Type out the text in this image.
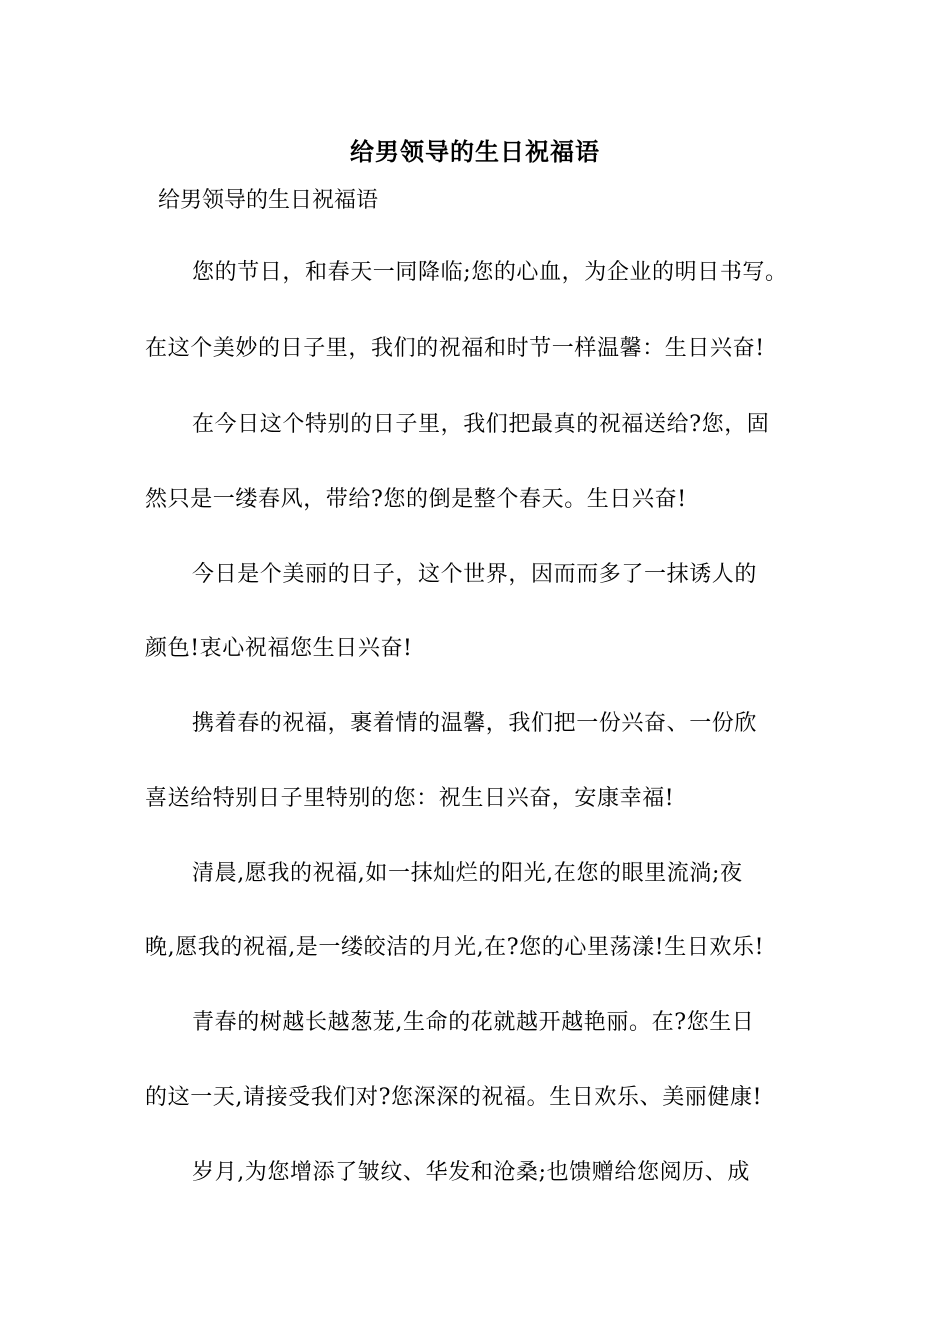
给男领导的生日祝福语
给男领导的生日祝福语
您的节日，和春天一同降临;您的心血，为企业的明日书写。
在这个美妙的日子里，我们的祝福和时节一样温馨：生日兴奋!
在今日这个特别的日子里，我们把最真的祝福送给?您，固
然只是一缕春风，带给?您的倒是整个春天。生日兴奋!
今日是个美丽的日子，这个世界，因而而多了一抹诱人的
颜色!衷心祝福您生日兴奋!
携着春的祝福，裹着情的温馨，我们把一份兴奋、一份欣
喜送给特别日子里特别的您：祝生日兴奋，安康幸福!
清晨,愿我的祝福,如一抹灿烂的阳光,在您的眼里流淌;夜
晚,愿我的祝福,是一缕皎洁的月光,在?您的心里荡漾!生日欢乐!
青春的树越长越葱茏,生命的花就越开越艳丽。在?您生日
的这一天,请接受我们对?您深深的祝福。生日欢乐、美丽健康!
岁月,为您增添了皱纹、华发和沧桑;也馈赠给您阅历、成
